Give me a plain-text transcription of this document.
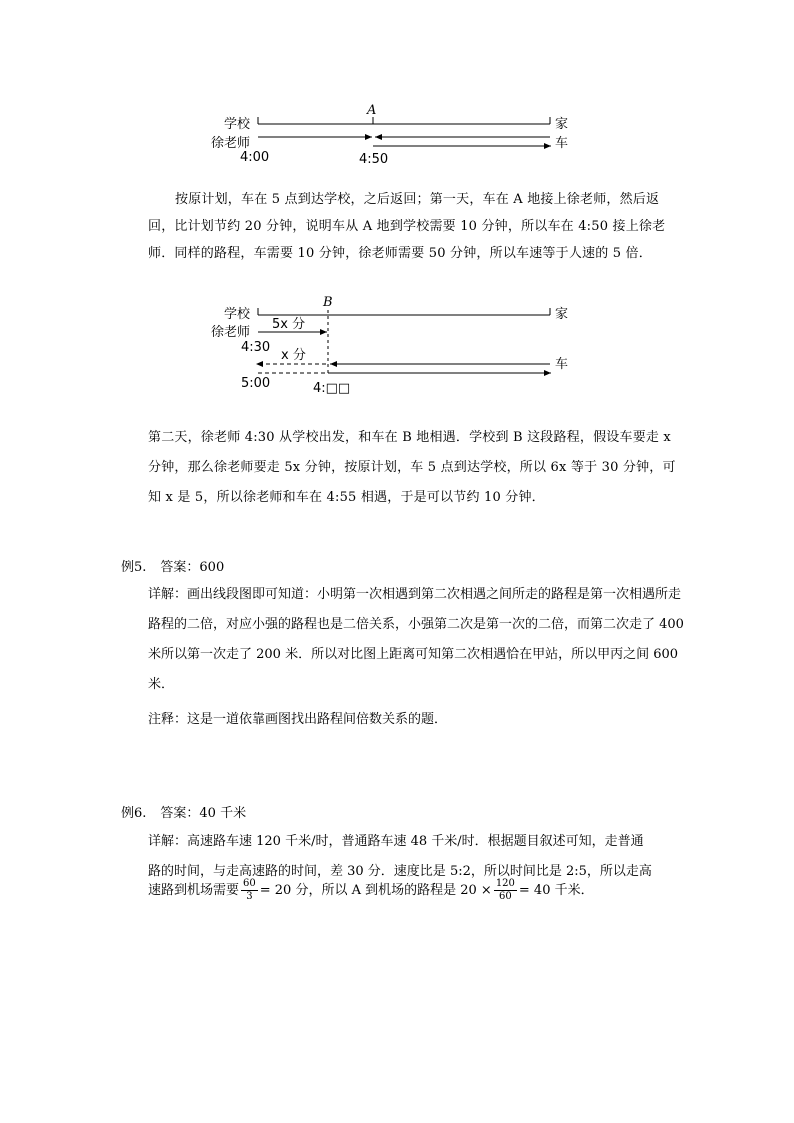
A
学校	家
徐老师	车
4:00	4:50

按原计划，车在 5 点到达学校，之后返回；第一天，车在 A 地接上徐老师，然后返回，比计划节约 20 分钟，说明车从 A 地到学校需要 10 分钟，所以车在 4:50 接上徐老师．同样的路程，车需要 10 分钟，徐老师需要 50 分钟，所以车速等于人速的 5 倍．

B
学校	家
5x 分
徐老师
4:30
x 分
车
5:00	4:□□

第二天，徐老师 4:30 从学校出发，和车在 B 地相遇．学校到 B 这段路程，假设车要走 x 分钟，那么徐老师要走 5x 分钟，按原计划，车 5 点到达学校，所以 6x 等于 30 分钟，可知 x 是 5，所以徐老师和车在 4:55 相遇，于是可以节约 10 分钟．

例5. 答案：600

详解：画出线段图即可知道：小明第一次相遇到第二次相遇之间所走的路程是第一次相遇所走路程的二倍，对应小强的路程也是二倍关系，小强第二次是第一次的二倍，而第二次走了 400 米所以第一次走了 200 米．所以对比图上距离可知第二次相遇恰在甲站，所以甲丙之间 600 米．

注释：这是一道依靠画图找出路程间倍数关系的题．
例6. 答案：40 千米
详解：高速路车速 120 千米/时，普通路车速 48 千米/时．根据题目叙述可知，走普通
路的时间，与走高速路的时间，差 30 分．速度比是 5:2，所以时间比是 2:5，所以走高
速路到机场需要 $\frac{60}{3} = 20$ 分，所以 A 到机场的路程是 $20 \times \frac{120}{60} = 40$ 千米．
